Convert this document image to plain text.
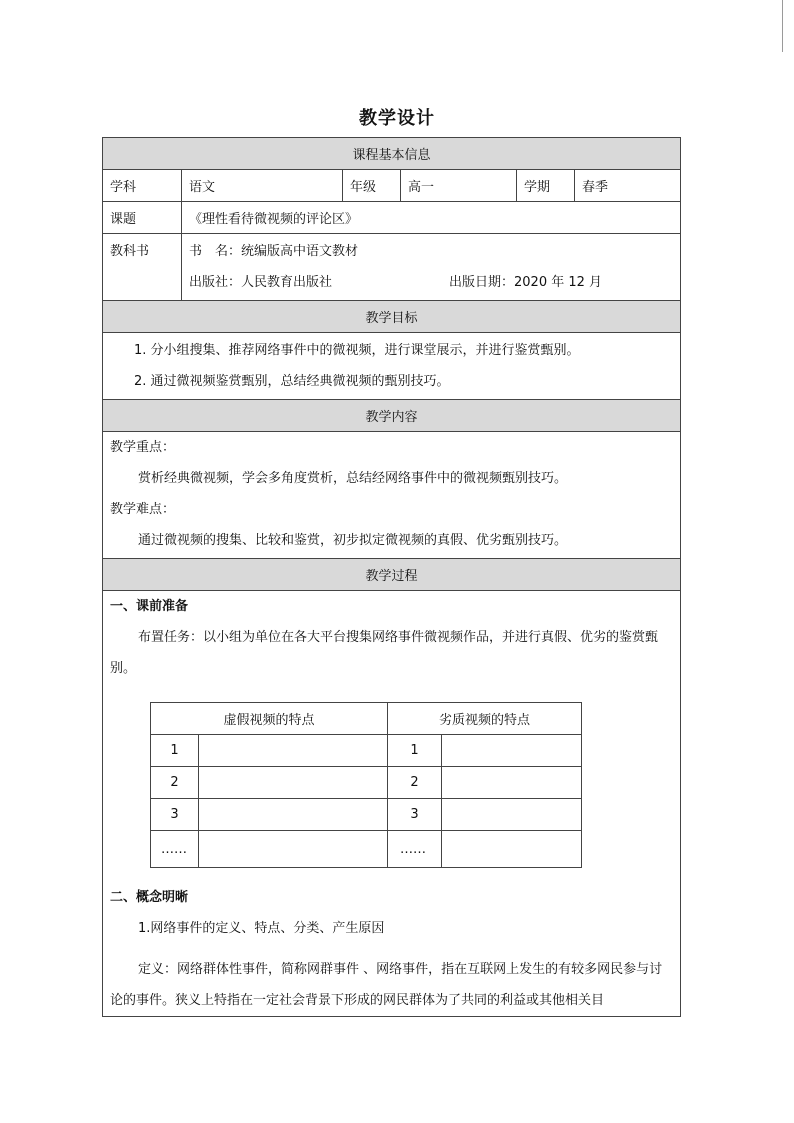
教学设计
课程基本信息
学科	语文	年级	高一	学期	春季
课题	《理性看待微视频的评论区》
教科书	书　名：统编版高中语文教材
出版社：人民教育出版社	出版日期：2020 年 12 月

教学目标

1. 分小组搜集、推荐网络事件中的微视频，进行课堂展示，并进行鉴赏甄别。
2. 通过微视频鉴赏甄别，总结经典微视频的甄别技巧。

教学内容

教学重点：
赏析经典微视频，学会多角度赏析，总结经网络事件中的微视频甄别技巧。
教学难点：
通过微视频的搜集、比较和鉴赏，初步拟定微视频的真假、优劣甄别技巧。

教学过程

一、课前准备
布置任务：以小组为单位在各大平台搜集网络事件微视频作品，并进行真假、优劣的鉴赏甄别。
虚假视频的特点	劣质视频的特点
1		1	
2		2	
3		3	
……		……	
二、概念明晰
1.网络事件的定义、特点、分类、产生原因
定义：网络群体性事件，简称网群事件 、网络事件，指在互联网上发生的有较多网民参与讨论的事件。狭义上特指在一定社会背景下形成的网民群体为了共同的利益或其他相关目
